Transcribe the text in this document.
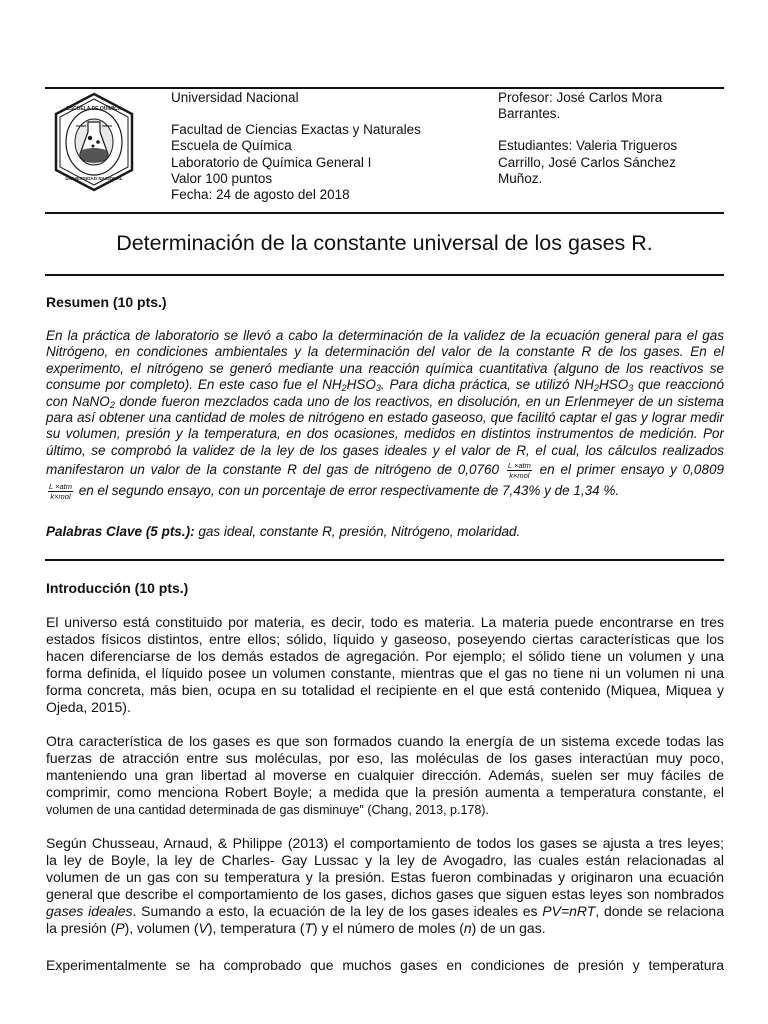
ESCUELA DE QUÍMICA
UNIVERSIDAD NACIONAL
Universidad Nacional
Facultad de Ciencias Exactas y Naturales
Escuela de Química
Laboratorio de Química General I
Valor 100 puntos
Fecha: 24 de agosto del 2018
Profesor: José Carlos Mora
Barrantes.
Estudiantes: Valeria Trigueros
Carrillo, José Carlos Sánchez
Muñoz.
Determinación de la constante universal de los gases R.
Resumen (10 pts.)
En la práctica de laboratorio se llevó a cabo la determinación de la validez de la ecuación general para el gas
Nitrógeno, en condiciones ambientales y la determinación del valor de la constante R de los gases. En el
experimento, el nitrógeno se generó mediante una reacción química cuantitativa (alguno de los reactivos se
consume por completo). En este caso fue el $NH_2HSO_3$. Para dicha práctica, se utilizó $NH_2HSO_3$ que reaccionó
con NaNO$_2$ donde fueron mezclados cada uno de los reactivos, en disolución, en un Erlenmeyer de un sistema
para así obtener una cantidad de moles de nitrógeno en estado gaseoso, que facilitó captar el gas y lograr medir
su volumen, presión y la temperatura, en dos ocasiones, medidos en distintos instrumentos de medición. Por
último, se comprobó la validez de la ley de los gases ideales y el valor de R, el cual, los cálculos realizados
manifestaron un valor de la constante R del gas de nitrógeno de $0,0760 \frac{\text{L ×atm}}{\text{k×mol}}$ en el primer ensayo y 0,0809
$\frac{\text{L ×atm}}{\text{k×mol}}$ en el segundo ensayo, con un porcentaje de error respectivamente de 7,43% y de 1,34 %.
Palabras Clave (5 pts.): gas ideal, constante R, presión, Nitrógeno, molaridad.
Introducción (10 pts.)
El universo está constituido por materia, es decir, todo es materia. La materia puede encontrarse en tres
estados físicos distintos, entre ellos; sólido, líquido y gaseoso, poseyendo ciertas características que los
hacen diferenciarse de los demás estados de agregación. Por ejemplo; el sólido tiene un volumen y una
forma definida, el líquido posee un volumen constante, mientras que el gas no tiene ni un volumen ni una
forma concreta, más bien, ocupa en su totalidad el recipiente en el que está contenido (Miquea, Miquea y
Ojeda, 2015).
Otra característica de los gases es que son formados cuando la energía de un sistema excede todas las
fuerzas de atracción entre sus moléculas, por eso, las moléculas de los gases interactúan muy poco,
manteniendo una gran libertad al moverse en cualquier dirección. Además, suelen ser muy fáciles de
comprimir, como menciona Robert Boyle; a medida que la presión aumenta a temperatura constante, el
volumen de una cantidad determinada de gas disminuye" (Chang, 2013, p.178).
Según Chusseau, Arnaud, & Philippe (2013) el comportamiento de todos los gases se ajusta a tres leyes;
la ley de Boyle, la ley de Charles- Gay Lussac y la ley de Avogadro, las cuales están relacionadas al
volumen de un gas con su temperatura y la presión. Estas fueron combinadas y originaron una ecuación
general que describe el comportamiento de los gases, dichos gases que siguen estas leyes son nombrados
gases ideales. Sumando a esto, la ecuación de la ley de los gases ideales es PV=nRT, donde se relaciona
la presión (P), volumen (V), temperatura (T) y el número de moles (n) de un gas.
Experimentalmente se ha comprobado que muchos gases en condiciones de presión y temperatura
